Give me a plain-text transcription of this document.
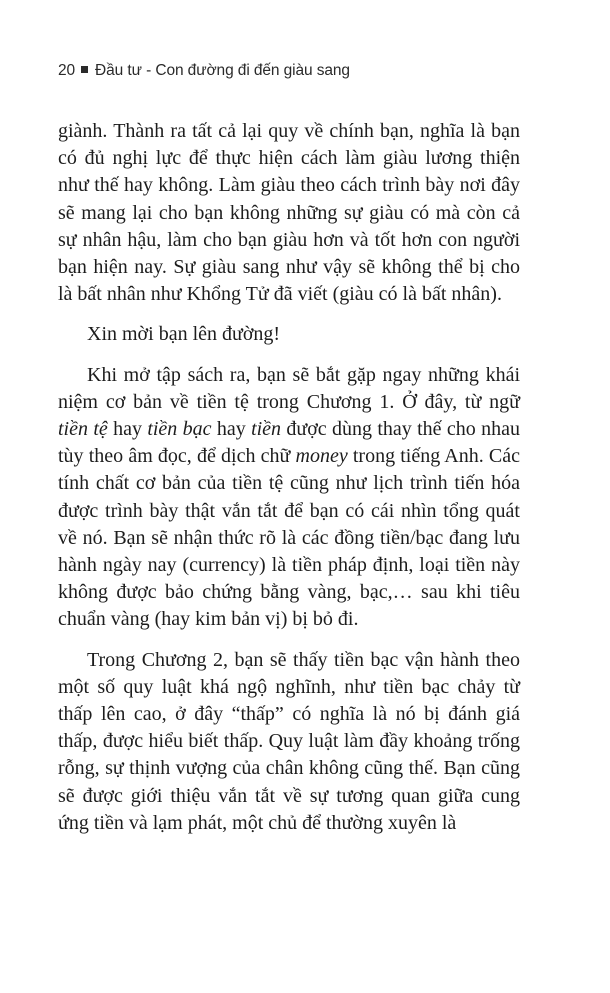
20 Đầu tư - Con đường đi đến giàu sang

giành. Thành ra tất cả lại quy về chính bạn, nghĩa là bạn có đủ nghị lực để thực hiện cách làm giàu lương thiện như thế hay không. Làm giàu theo cách trình bày nơi đây sẽ mang lại cho bạn không những sự giàu có mà còn cả sự nhân hậu, làm cho bạn giàu hơn và tốt hơn con người bạn hiện nay. Sự giàu sang như vậy sẽ không thể bị cho là bất nhân như Khổng Tử đã viết (giàu có là bất nhân).

Xin mời bạn lên đường!

Khi mở tập sách ra, bạn sẽ bắt gặp ngay những khái niệm cơ bản về tiền tệ trong Chương 1. Ở đây, từ ngữ tiền tệ hay tiền bạc hay tiền được dùng thay thế cho nhau tùy theo âm đọc, để dịch chữ money trong tiếng Anh. Các tính chất cơ bản của tiền tệ cũng như lịch trình tiến hóa được trình bày thật vắn tắt để bạn có cái nhìn tổng quát về nó. Bạn sẽ nhận thức rõ là các đồng tiền/bạc đang lưu hành ngày nay (currency) là tiền pháp định, loại tiền này không được bảo chứng bằng vàng, bạc,… sau khi tiêu chuẩn vàng (hay kim bản vị) bị bỏ đi.

Trong Chương 2, bạn sẽ thấy tiền bạc vận hành theo một số quy luật khá ngộ nghĩnh, như tiền bạc chảy từ thấp lên cao, ở đây “thấp” có nghĩa là nó bị đánh giá thấp, được hiểu biết thấp. Quy luật làm đầy khoảng trống rỗng, sự thịnh vượng của chân không cũng thế. Bạn cũng sẽ được giới thiệu vắn tắt về sự tương quan giữa cung ứng tiền và lạm phát, một chủ để thường xuyên là
